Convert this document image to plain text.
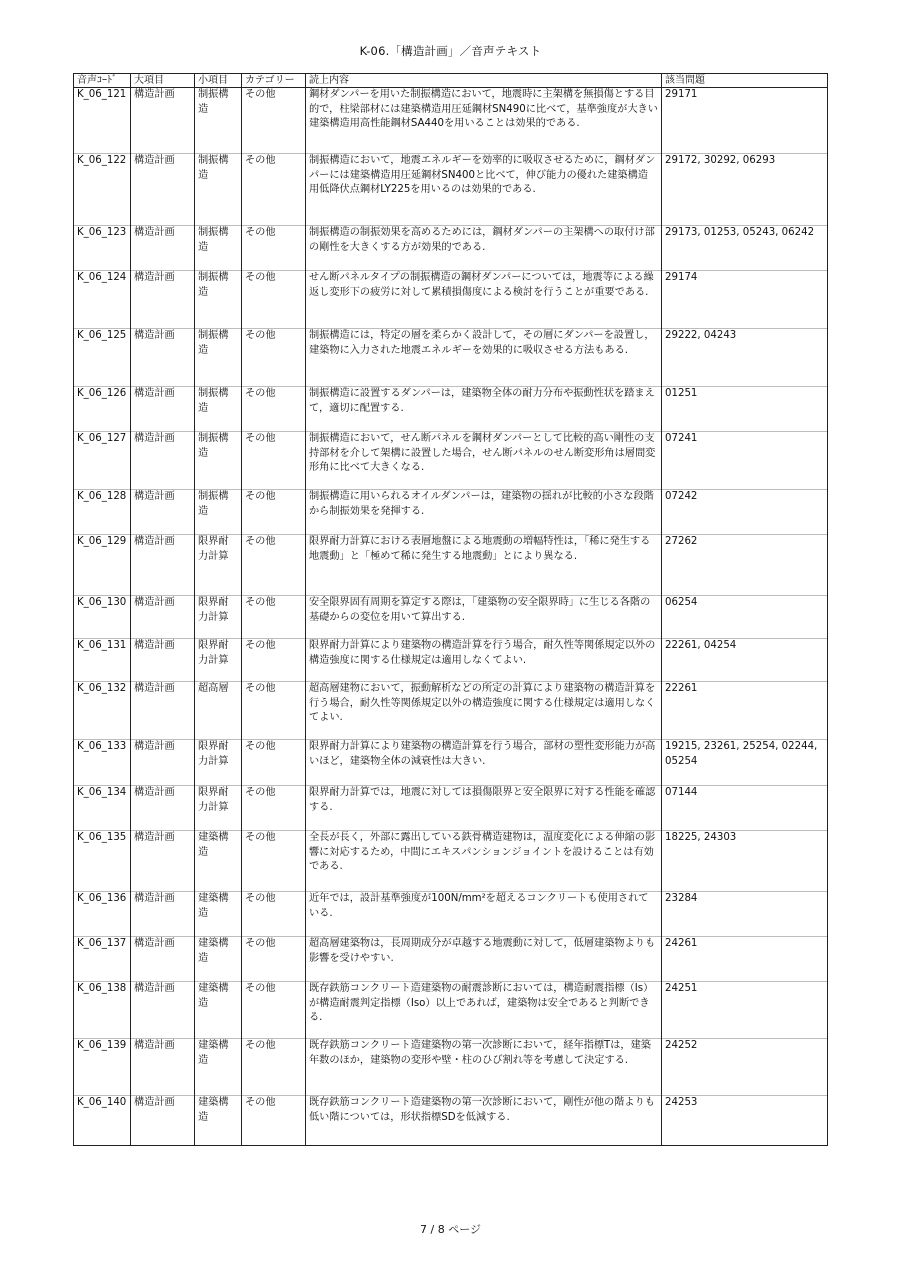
K-06.「構造計画」／音声テキスト
音声ｺｰﾄﾞ	大項目	小項目	カテゴリー	読上内容	該当問題
K_06_121	構造計画	制振構造	その他	鋼材ダンパーを用いた制振構造において，地震時に主架構を無損傷とする目的で，柱梁部材には建築構造用圧延鋼材SN490に比べて，基準強度が大きい建築構造用高性能鋼材SA440を用いることは効果的である.	29171
K_06_122	構造計画	制振構造	その他	制振構造において，地震エネルギーを効率的に吸収させるために，鋼材ダンパーには建築構造用圧延鋼材SN400と比べて，伸び能力の優れた建築構造用低降伏点鋼材LY225を用いるのは効果的である.	29172, 30292, 06293
K_06_123	構造計画	制振構造	その他	制振構造の制振効果を高めるためには，鋼材ダンパーの主架構への取付け部の剛性を大きくする方が効果的である.	29173, 01253, 05243, 06242
K_06_124	構造計画	制振構造	その他	せん断パネルタイプの制振構造の鋼材ダンパーについては，地震等による繰返し変形下の疲労に対して累積損傷度による検討を行うことが重要である.	29174
K_06_125	構造計画	制振構造	その他	制振構造には，特定の層を柔らかく設計して，その層にダンパーを設置し，建築物に入力された地震エネルギーを効果的に吸収させる方法もある.	29222, 04243
K_06_126	構造計画	制振構造	その他	制振構造に設置するダンパーは，建築物全体の耐力分布や振動性状を踏まえて，適切に配置する.	01251
K_06_127	構造計画	制振構造	その他	制振構造において，せん断パネルを鋼材ダンパーとして比較的高い剛性の支持部材を介して架構に設置した場合，せん断パネルのせん断変形角は層間変形角に比べて大きくなる.	07241
K_06_128	構造計画	制振構造	その他	制振構造に用いられるオイルダンパーは，建築物の揺れが比較的小さな段階から制振効果を発揮する.	07242
K_06_129	構造計画	限界耐力計算	その他	限界耐力計算における表層地盤による地震動の増幅特性は，「稀に発生する地震動」と「極めて稀に発生する地震動」とにより異なる.	27262
K_06_130	構造計画	限界耐力計算	その他	安全限界固有周期を算定する際は，「建築物の安全限界時」に生じる各階の基礎からの変位を用いて算出する.	06254
K_06_131	構造計画	限界耐力計算	その他	限界耐力計算により建築物の構造計算を行う場合，耐久性等関係規定以外の構造強度に関する仕様規定は適用しなくてよい.	22261, 04254
K_06_132	構造計画	超高層	その他	超高層建物において，振動解析などの所定の計算により建築物の構造計算を行う場合，耐久性等関係規定以外の構造強度に関する仕様規定は適用しなくてよい.	22261
K_06_133	構造計画	限界耐力計算	その他	限界耐力計算により建築物の構造計算を行う場合，部材の塑性変形能力が高いほど，建築物全体の減衰性は大きい.	19215, 23261, 25254, 02244, 05254
K_06_134	構造計画	限界耐力計算	その他	限界耐力計算では，地震に対しては損傷限界と安全限界に対する性能を確認する.	07144
K_06_135	構造計画	建築構造	その他	全長が長く，外部に露出している鉄骨構造建物は，温度変化による伸縮の影響に対応するため，中間にエキスパンションジョイントを設けることは有効である.	18225, 24303
K_06_136	構造計画	建築構造	その他	近年では，設計基準強度が100N/mm²を超えるコンクリートも使用されている.	23284
K_06_137	構造計画	建築構造	その他	超高層建築物は，長周期成分が卓越する地震動に対して，低層建築物よりも影響を受けやすい.	24261
K_06_138	構造計画	建築構造	その他	既存鉄筋コンクリート造建築物の耐震診断においては，構造耐震指標（Is）が構造耐震判定指標（Iso）以上であれば，建築物は安全であると判断できる.	24251
K_06_139	構造計画	建築構造	その他	既存鉄筋コンクリート造建築物の第一次診断において，経年指標Tは，建築年数のほか，建築物の変形や壁・柱のひび割れ等を考慮して決定する.	24252
K_06_140	構造計画	建築構造	その他	既存鉄筋コンクリート造建築物の第一次診断において，剛性が他の階よりも低い階については，形状指標SDを低減する.	24253
7 / 8 ページ
